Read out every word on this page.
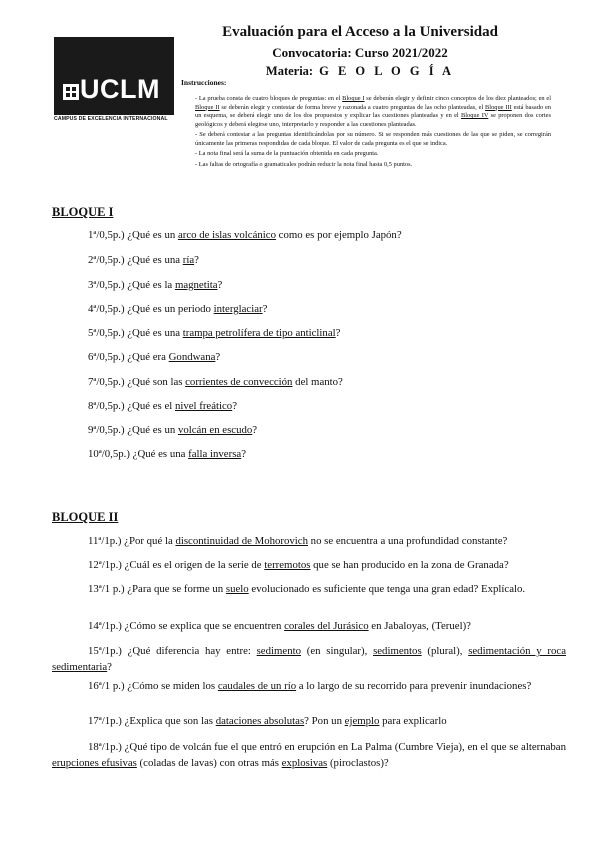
UCLM
CAMPUS DE EXCELENCIA INTERNACIONAL
Evaluación para el Acceso a la Universidad
Convocatoria: Curso 2021/2022
Materia: G E O L O G Í A
Instrucciones:

- La prueba consta de cuatro bloques de preguntas: en el Bloque I se deberán elegir y definir cinco conceptos de los diez planteados; en el Bloque II se deberán elegir y contestar de forma breve y razonada a cuatro preguntas de las ocho planteadas, el Bloque III está basado en un esquema, se deberá elegir uno de los dos propuestos y explicar las cuestiones planteadas y en el Bloque IV se proponen dos cortes geológicos y deberá elegirse uno, interpretarlo y responder a las cuestiones planteadas.

- Se deberá contestar a las preguntas identificándolas por su número. Si se responden más cuestiones de las que se piden, se corregirán únicamente las primeras respondidas de cada bloque. El valor de cada pregunta es el que se indica.

- La nota final será la suma de la puntuación obtenida en cada pregunta.

- Las faltas de ortografía o gramaticales podrán reducir la nota final hasta 0,5 puntos.

BLOQUE I
1ª/0,5p.) ¿Qué es un arco de islas volcánico como es por ejemplo Japón?
2ª/0,5p.) ¿Qué es una ría?
3ª/0,5p.) ¿Qué es la magnetita?
4ª/0,5p.) ¿Qué es un periodo interglaciar?
5ª/0,5p.) ¿Qué es una trampa petrolífera de tipo anticlinal?
6ª/0,5p.) ¿Qué era Gondwana?
7ª/0,5p.) ¿Qué son las corrientes de convección del manto?
8ª/0,5p.) ¿Qué es el nivel freático?
9ª/0,5p.) ¿Qué es un volcán en escudo?
10ª/0,5p.) ¿Qué es una falla inversa?
BLOQUE II
11ª/1p.) ¿Por qué la discontinuidad de Mohorovich no se encuentra a una profundidad constante?
12ª/1p.) ¿Cuál es el origen de la serie de terremotos que se han producido en la zona de Granada?
13ª/1 p.) ¿Para que se forme un suelo evolucionado es suficiente que tenga una gran edad? Explícalo.
14ª/1p.) ¿Cómo se explica que se encuentren corales del Jurásico en Jabaloyas, (Teruel)?
15ª/1p.) ¿Qué diferencia hay entre: sedimento (en singular), sedimentos (plural), sedimentación y roca sedimentaria?
16ª/1 p.) ¿Cómo se miden los caudales de un río a lo largo de su recorrido para prevenir inundaciones?
17ª/1p.) ¿Explica que son las dataciones absolutas? Pon un ejemplo para explicarlo
18ª/1p.) ¿Qué tipo de volcán fue el que entró en erupción en La Palma (Cumbre Vieja), en el que se alternaban erupciones efusivas (coladas de lavas) con otras más explosivas (piroclastos)?
